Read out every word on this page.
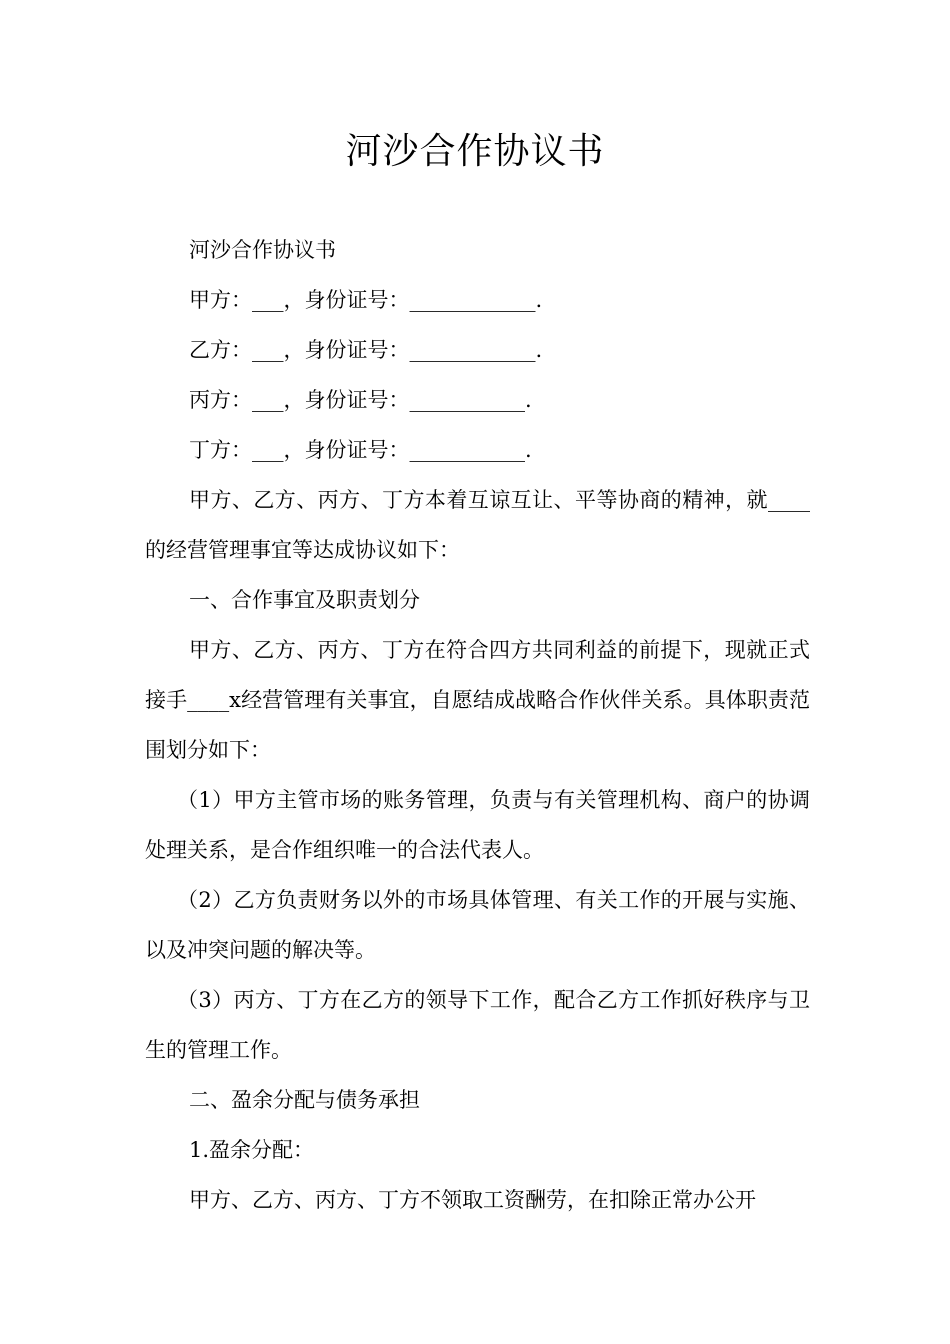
河沙合作协议书

河沙合作协议书

甲方：___，身份证号：____________.

乙方：___，身份证号：____________.

丙方：___，身份证号：___________.

丁方：___，身份证号：___________.

甲方、乙方、丙方、丁方本着互谅互让、平等协商的精神，就____的经营管理事宜等达成协议如下：

一、合作事宜及职责划分

甲方、乙方、丙方、丁方在符合四方共同利益的前提下，现就正式接手____x经营管理有关事宜，自愿结成战略合作伙伴关系。具体职责范围划分如下：

（1）甲方主管市场的账务管理，负责与有关管理机构、商户的协调处理关系，是合作组织唯一的合法代表人。

（2）乙方负责财务以外的市场具体管理、有关工作的开展与实施、以及冲突问题的解决等。

（3）丙方、丁方在乙方的领导下工作，配合乙方工作抓好秩序与卫生的管理工作。

二、盈余分配与债务承担

1.盈余分配：

甲方、乙方、丙方、丁方不领取工资酬劳，在扣除正常办公开
